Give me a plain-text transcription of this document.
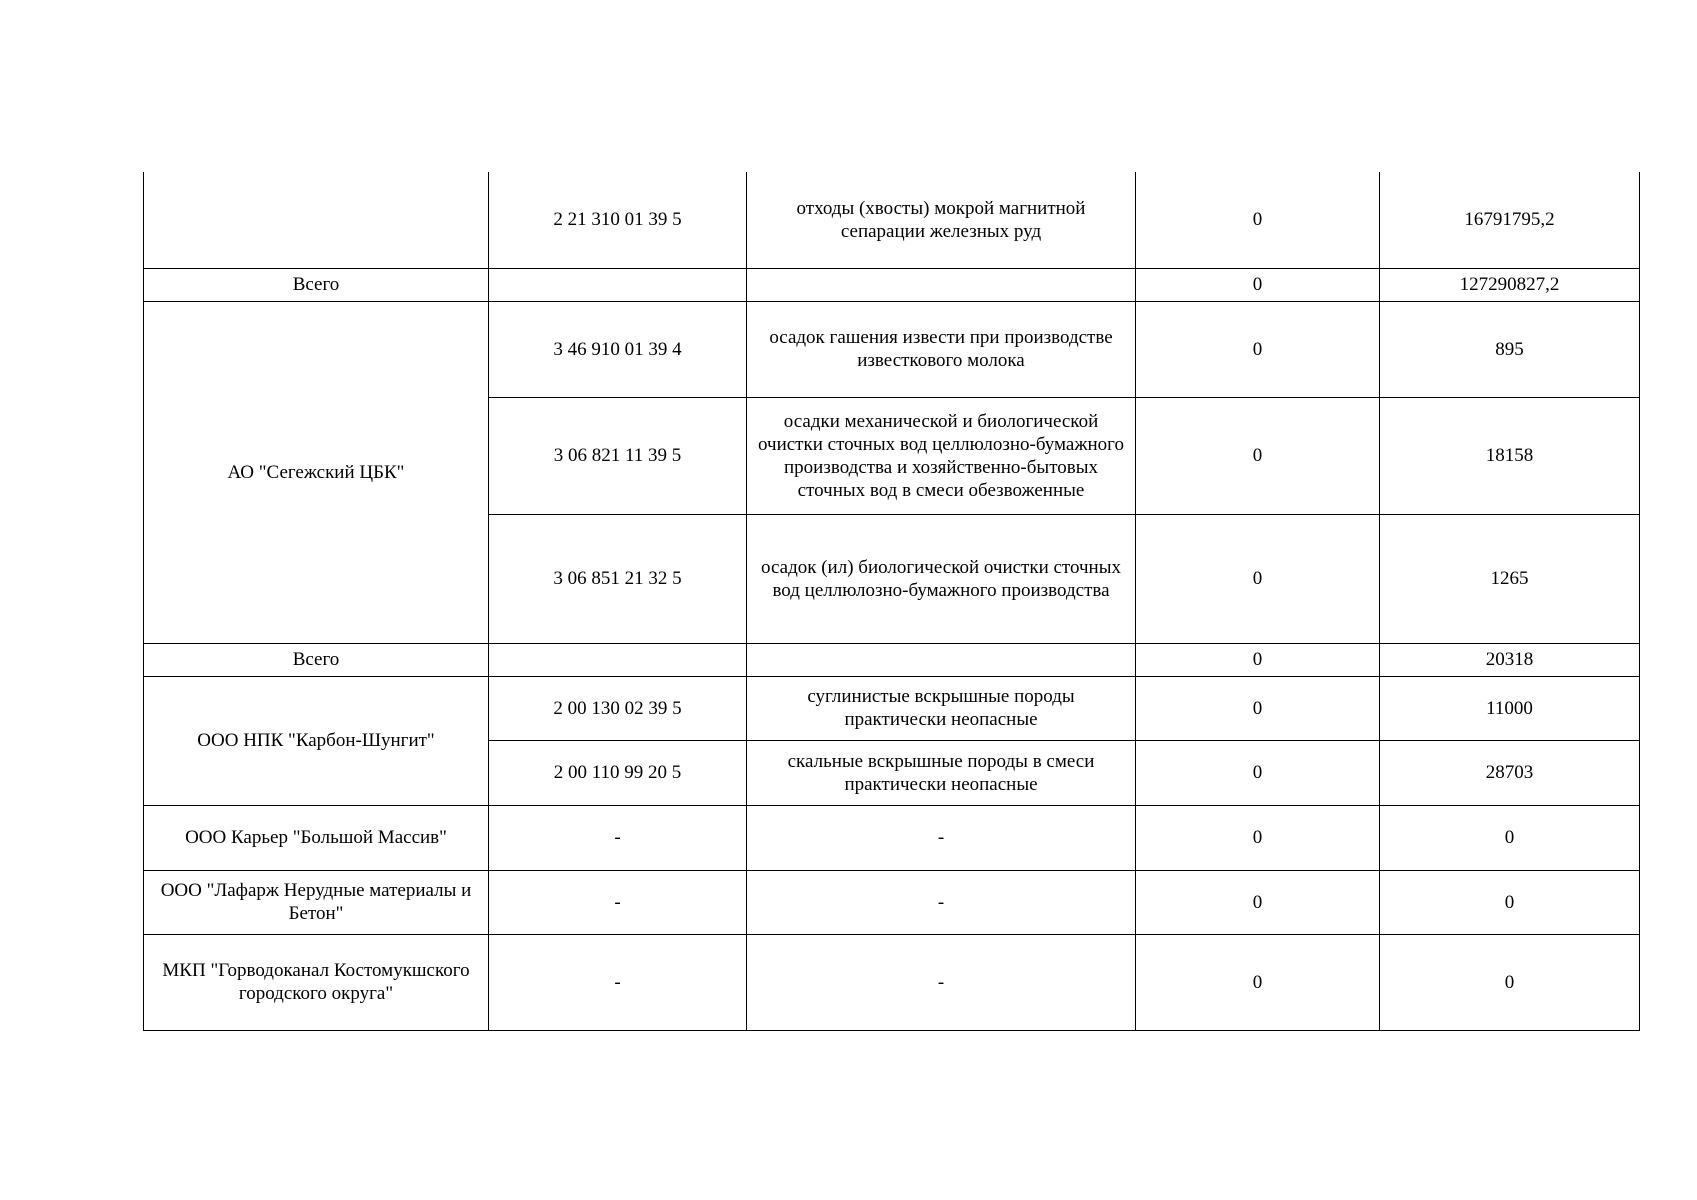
	2 21 310 01 39 5	отходы (хвосты) мокрой магнитной сепарации железных руд	0	16791795,2
Всего			0	127290827,2
АО "Сегежский ЦБК"	3 46 910 01 39 4	осадок гашения извести при производстве известкового молока	0	895
	3 06 821 11 39 5	осадки механической и биологической очистки сточных вод целлюлозно-бумажного производства и хозяйственно-бытовых сточных вод в смеси обезвоженные	0	18158
	3 06 851 21 32 5	осадок (ил) биологической очистки сточных вод целлюлозно-бумажного производства	0	1265
Всего			0	20318
ООО НПК "Карбон-Шунгит"	2 00 130 02 39 5	суглинистые вскрышные породы практически неопасные	0	11000
	2 00 110 99 20 5	скальные вскрышные породы в смеси практически неопасные	0	28703
ООО Карьер "Большой Массив"	-	-	0	0
ООО "Лафарж Нерудные материалы и Бетон"	-	-	0	0
МКП "Горводоканал Костомукшского городского округа"	-	-	0	0
